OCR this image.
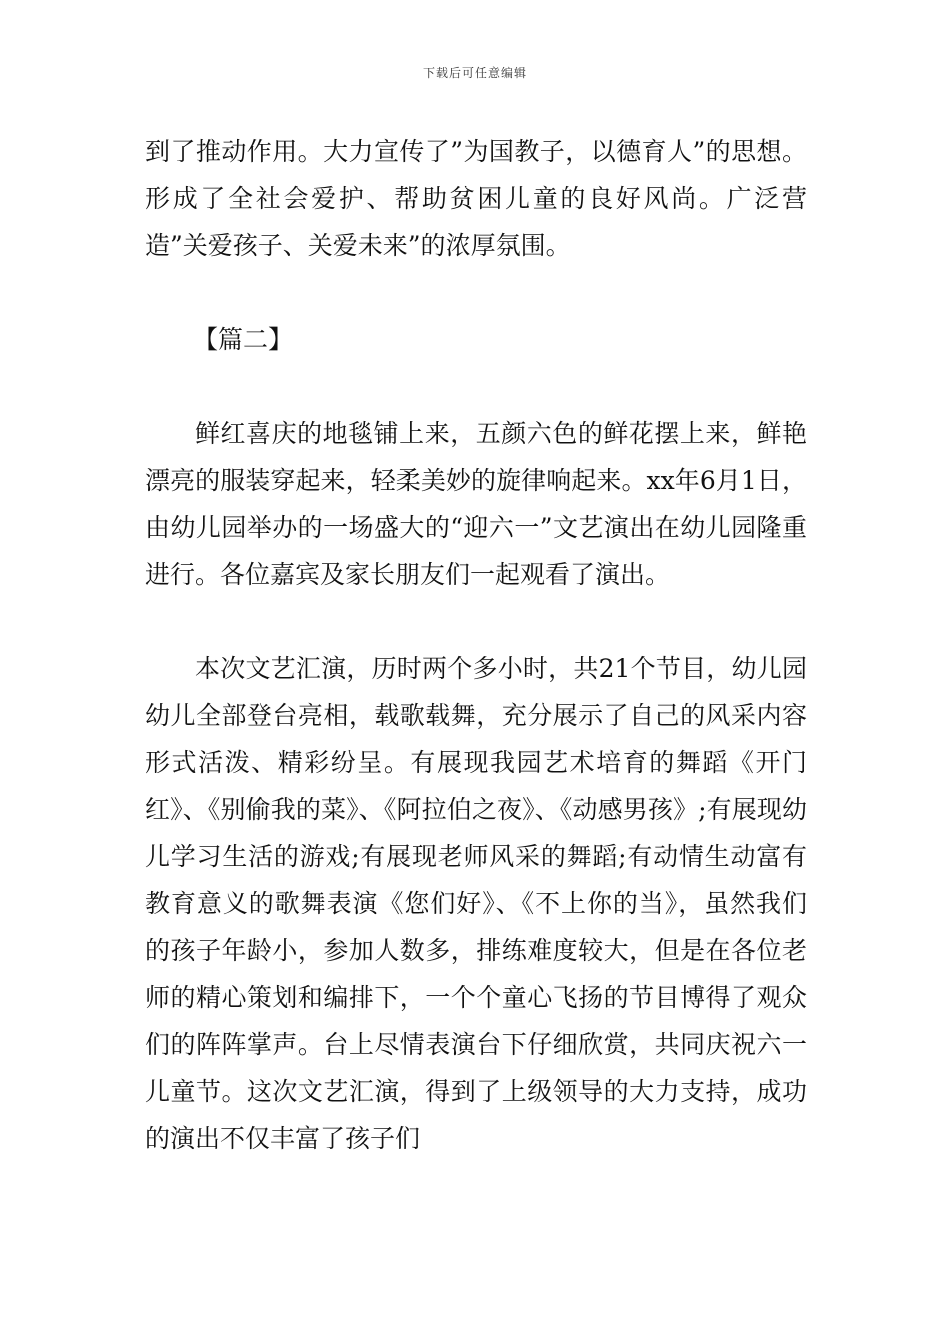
下载后可任意编辑

到了推动作用。大力宣传了”为国教子，以德育人”的思想。形成了全社会爱护、帮助贫困儿童的良好风尚。广泛营造”关爱孩子、关爱未来”的浓厚氛围。

【篇二】

鲜红喜庆的地毯铺上来，五颜六色的鲜花摆上来，鲜艳漂亮的服装穿起来，轻柔美妙的旋律响起来。xx年6月1日，由幼儿园举办的一场盛大的“迎六一”文艺演出在幼儿园隆重进行。各位嘉宾及家长朋友们一起观看了演出。

本次文艺汇演，历时两个多小时，共21个节目，幼儿园幼儿全部登台亮相，载歌载舞，充分展示了自己的风采内容形式活泼、精彩纷呈。有展现我园艺术培育的舞蹈《开门红》、《别偷我的菜》、《阿拉伯之夜》、《动感男孩》;有展现幼儿学习生活的游戏;有展现老师风采的舞蹈;有动情生动富有教育意义的歌舞表演《您们好》、《不上你的当》，虽然我们的孩子年龄小，参加人数多，排练难度较大，但是在各位老师的精心策划和编排下，一个个童心飞扬的节目博得了观众们的阵阵掌声。台上尽情表演台下仔细欣赏，共同庆祝六一儿童节。这次文艺汇演，得到了上级领导的大力支持，成功的演出不仅丰富了孩子们
